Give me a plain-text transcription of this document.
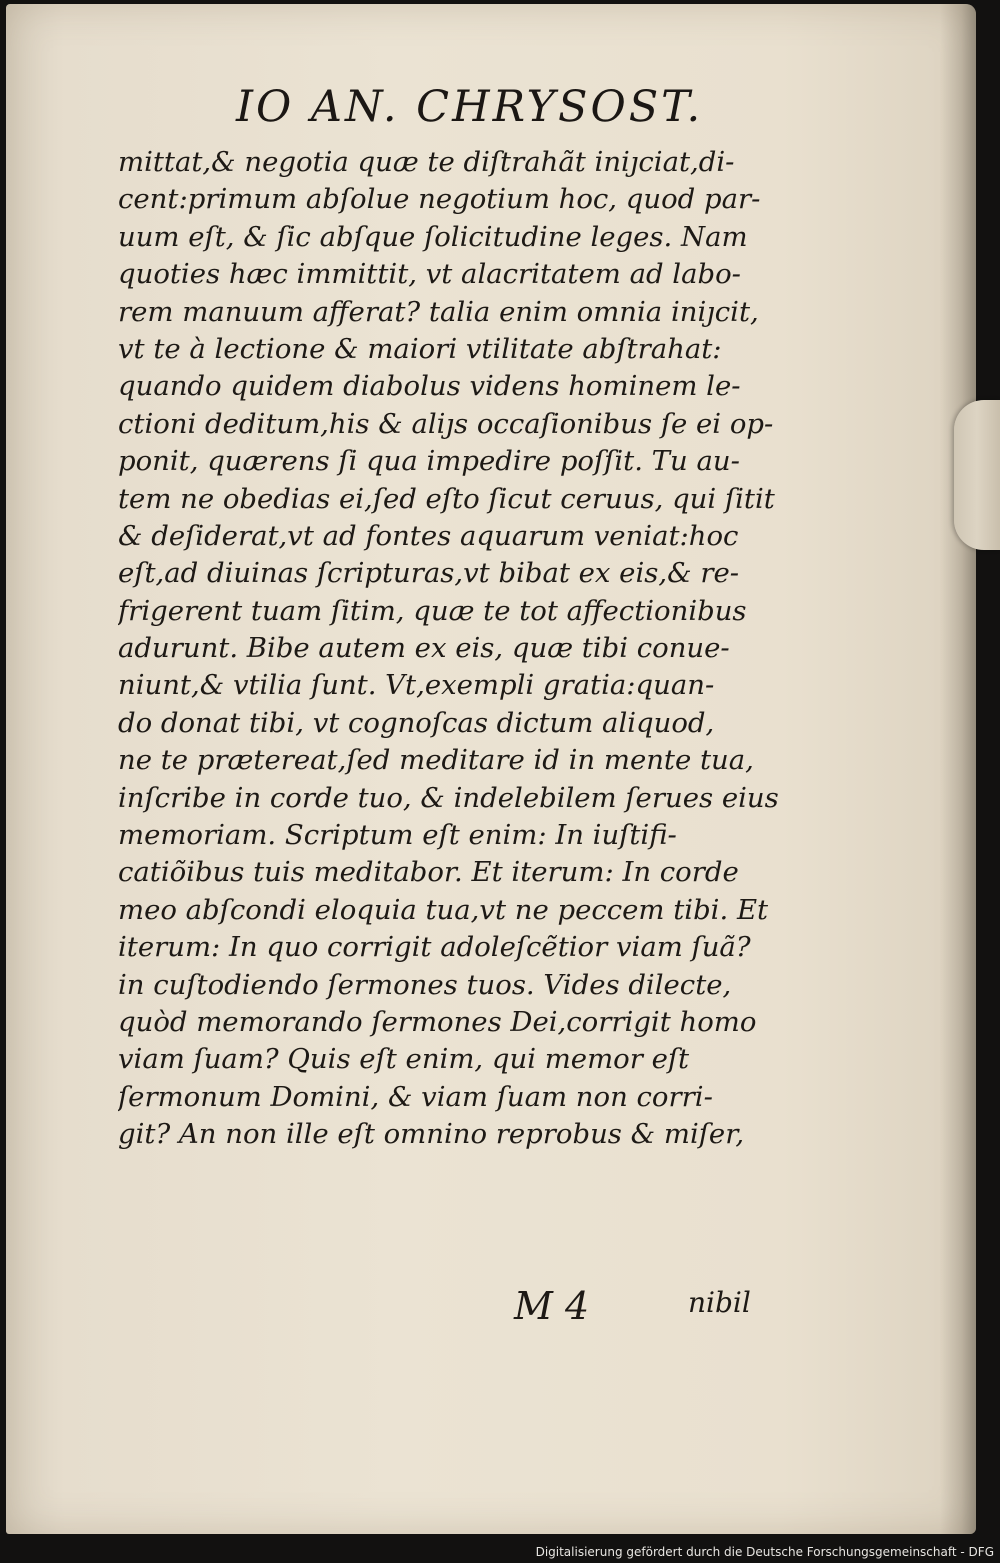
IO AN. CHRYSOST.
mittat,& negotia quæ te diſtrahãt iniȷciat,di-
cent:primum abſolue negotium hoc, quod par-
uum eſt, & ſic abſque ſolicitudine leges. Nam
quoties hæc immittit, vt alacritatem ad labo-
rem manuum afferat? talia enim omnia iniȷcit,
vt te à lectione & maiori vtilitate abſtrahat:
quando quidem diabolus videns hominem le-
ctioni deditum,his & aliȷs occaſionibus ſe ei op-
ponit, quærens ſi qua impedire poſſit. Tu au-
tem ne obedias ei,ſed eſto ſicut ceruus, qui ſitit
& deſiderat,vt ad fontes aquarum veniat:hoc
eſt,ad diuinas ſcripturas,vt bibat ex eis,& re-
frigerent tuam ſitim, quæ te tot affectionibus
adurunt. Bibe autem ex eis, quæ tibi conue-
niunt,& vtilia ſunt. Vt,exempli gratia:quan-
do donat tibi, vt cognoſcas dictum aliquod,
ne te prætereat,ſed meditare id in mente tua,
inſcribe in corde tuo, & indelebilem ſerues eius
memoriam. Scriptum eſt enim: In iuſtifi-
catiõibus tuis meditabor. Et iterum: In corde
meo abſcondi eloquia tua,vt ne peccem tibi. Et
iterum: In quo corrigit adoleſcẽtior viam ſuã?
in cuſtodiendo ſermones tuos. Vides dilecte,
quòd memorando ſermones Dei,corrigit homo
viam ſuam? Quis eſt enim, qui memor eſt
ſermonum Domini, & viam ſuam non corri-
git? An non ille eſt omnino reprobus & miſer,
M 4	nibil
Digitalisierung gefördert durch die Deutsche Forschungsgemeinschaft - DFG
